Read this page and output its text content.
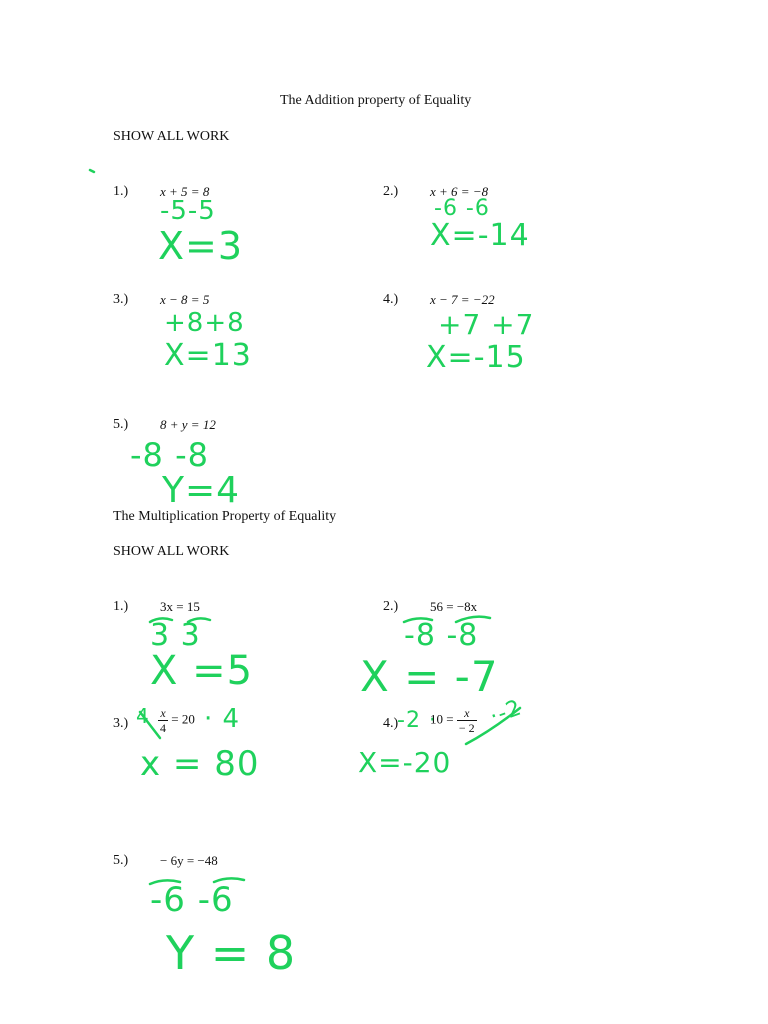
The Addition property of Equality
SHOW ALL WORK
1.) x + 5 = 8
-5-5
X=3
2.) x + 6 = −8
-6 -6
X=-14
3.) x − 8 = 5
+8+8
X=13
4.) x − 7 = −22
+7 +7
X=-15
5.) 8 + y = 12
-8 -8
Y=4
The Multiplication Property of Equality
SHOW ALL WORK
1.) 3x = 15
3 3
X =5
2.) 56 = −8x
-8 -8
X = -7
3.) $4 \frac{x}{4} = 20 \cdot 4$
x = 80
4.)
-2 ·
$10 = \frac{x}{- 2} \cdot-2$
X=-20
5.) − 6y = −48
-6 -6
Y = 8
